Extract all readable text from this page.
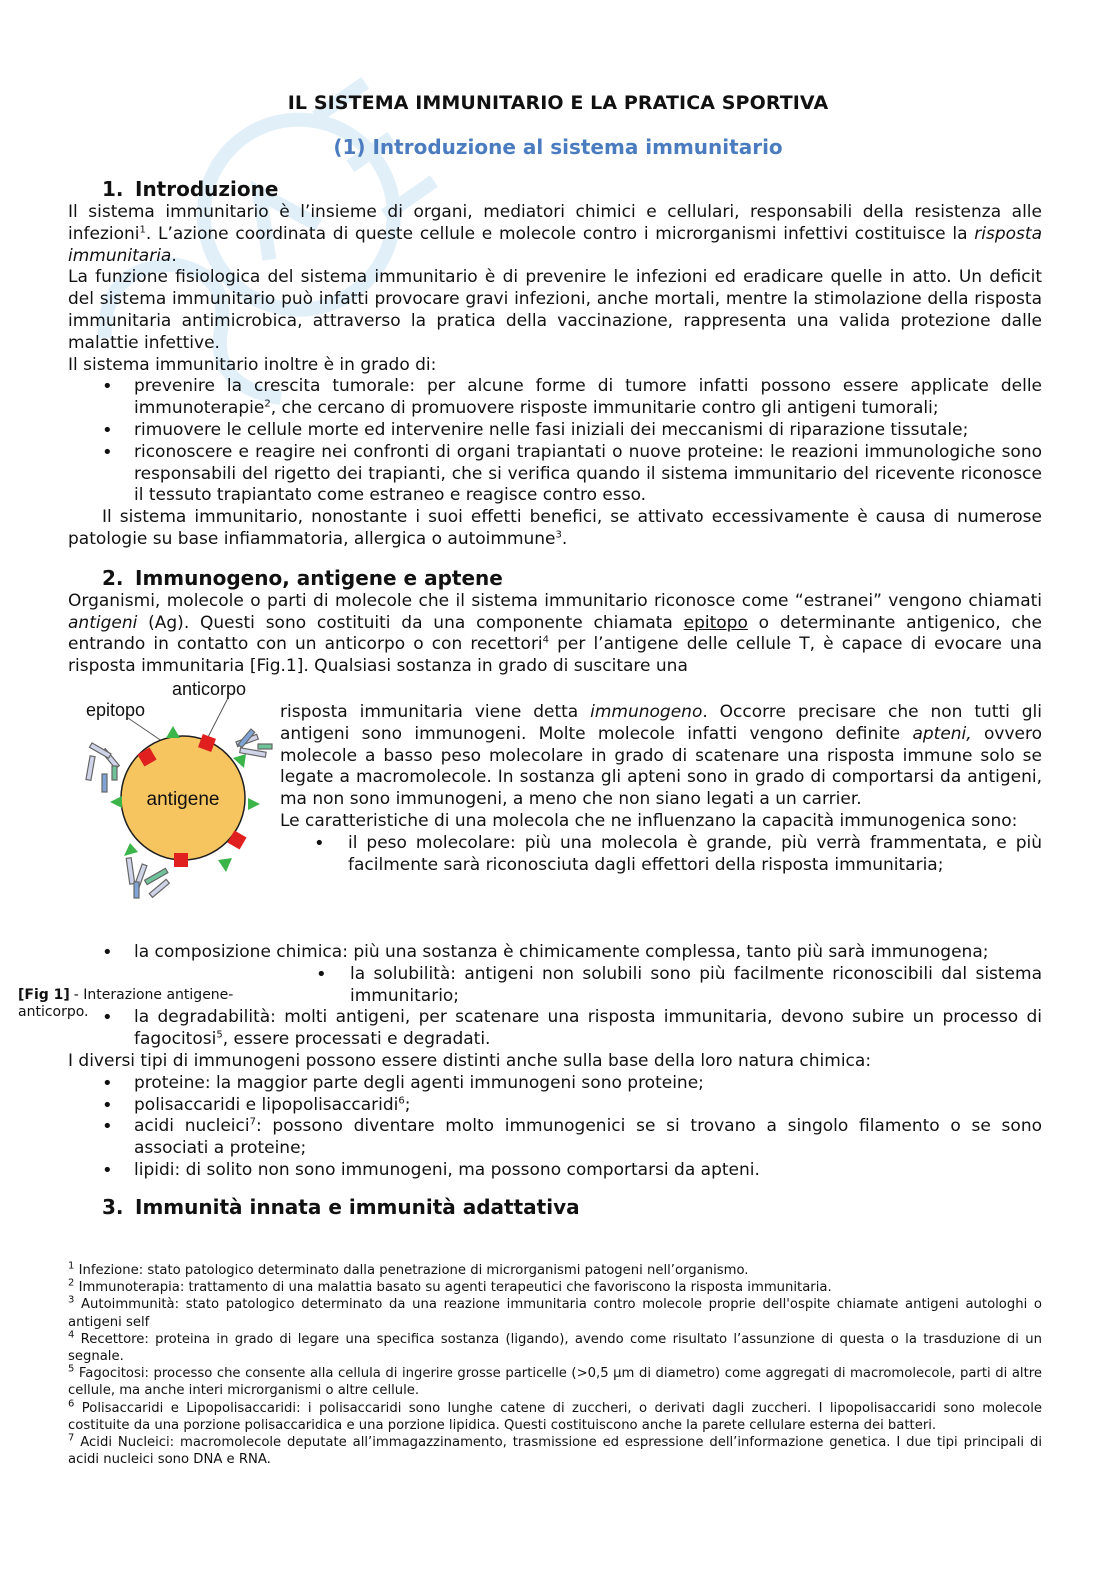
IL SISTEMA IMMUNITARIO E LA PRATICA SPORTIVA
(1) Introduzione al sistema immunitario
1. Introduzione

Il sistema immunitario è l’insieme di organi, mediatori chimici e cellulari, responsabili della resistenza alle infezioni$^1$. L’azione coordinata di queste cellule e molecole contro i microrganismi infettivi costituisce la risposta immunitaria.

La funzione fisiologica del sistema immunitario è di prevenire le infezioni ed eradicare quelle in atto. Un deficit del sistema immunitario può infatti provocare gravi infezioni, anche mortali, mentre la stimolazione della risposta immunitaria antimicrobica, attraverso la pratica della vaccinazione, rappresenta una valida protezione dalle malattie infettive.

Il sistema immunitario inoltre è in grado di:

• prevenire la crescita tumorale: per alcune forme di tumore infatti possono essere applicate delle immunoterapie$^2$, che cercano di promuovere risposte immunitarie contro gli antigeni tumorali;
• rimuovere le cellule morte ed intervenire nelle fasi iniziali dei meccanismi di riparazione tissutale;
• riconoscere e reagire nei confronti di organi trapiantati o nuove proteine: le reazioni immunologiche sono responsabili del rigetto dei trapianti, che si verifica quando il sistema immunitario del ricevente riconosce il tessuto trapiantato come estraneo e reagisce contro esso.

Il sistema immunitario, nonostante i suoi effetti benefici, se attivato eccessivamente è causa di numerose patologie su base infiammatoria, allergica o autoimmune$^3$.

2. Immunogeno, antigene e aptene

Organismi, molecole o parti di molecole che il sistema immunitario riconosce come “estranei” vengono chiamati antigeni (Ag). Questi sono costituiti da una componente chiamata epitopo o determinante antigenico, che entrando in contatto con un anticorpo o con recettori$^4$ per l’antigene delle cellule T, è capace di evocare una risposta immunitaria [Fig.1]. Qualsiasi sostanza in grado di suscitare una

epitopo
anticorpo
antigene

risposta immunitaria viene detta immunogeno. Occorre precisare che non tutti gli antigeni sono immunogeni. Molte molecole infatti vengono definite apteni, ovvero molecole a basso peso molecolare in grado di scatenare una risposta immune solo se legate a macromolecole. In sostanza gli apteni sono in grado di comportarsi da antigeni, ma non sono immunogeni, a meno che non siano legati a un carrier.

Le caratteristiche di una molecola che ne influenzano la capacità immunogenica sono:

• il peso molecolare: più una molecola è grande, più verrà frammentata, e più facilmente sarà riconosciuta dagli effettori della risposta immunitaria;
• la composizione chimica: più una sostanza è chimicamente complessa, tanto più sarà immunogena;
• la solubilità: antigeni non solubili sono più facilmente riconoscibili dal sistema immunitario;
• la degradabilità: molti antigeni, per scatenare una risposta immunitaria, devono subire un processo di fagocitosi$^5$, essere processati e degradati.

I diversi tipi di immunogeni possono essere distinti anche sulla base della loro natura chimica:

• proteine: la maggior parte degli agenti immunogeni sono proteine;
• polisaccaridi e lipopolisaccaridi$^6$;
• acidi nucleici$^7$: possono diventare molto immunogenici se si trovano a singolo filamento o se sono associati a proteine;
• lipidi: di solito non sono immunogeni, ma possono comportarsi da apteni.
3. Immunità innata e immunità adattativa
[Fig 1] - Interazione antigene-anticorpo.

$^1$ Infezione: stato patologico determinato dalla penetrazione di microrganismi patogeni nell’organismo.

$^2$ Immunoterapia: trattamento di una malattia basato su agenti terapeutici che favoriscono la risposta immunitaria.

$^3$ Autoimmunità: stato patologico determinato da una reazione immunitaria contro molecole proprie dell'ospite chiamate antigeni autologhi o antigeni self

$^4$ Recettore: proteina in grado di legare una specifica sostanza (ligando), avendo come risultato l’assunzione di questa o la trasduzione di un segnale.

$^5$ Fagocitosi: processo che consente alla cellula di ingerire grosse particelle (>0,5 μm di diametro) come aggregati di macromolecole, parti di altre cellule, ma anche interi microrganismi o altre cellule.

$^6$ Polisaccaridi e Lipopolisaccaridi: i polisaccaridi sono lunghe catene di zuccheri, o derivati dagli zuccheri. I lipopolisaccaridi sono molecole costituite da una porzione polisaccaridica e una porzione lipidica. Questi costituiscono anche la parete cellulare esterna dei batteri.

$^7$ Acidi Nucleici: macromolecole deputate all’immagazzinamento, trasmissione ed espressione dell’informazione genetica. I due tipi principali di acidi nucleici sono DNA e RNA.
